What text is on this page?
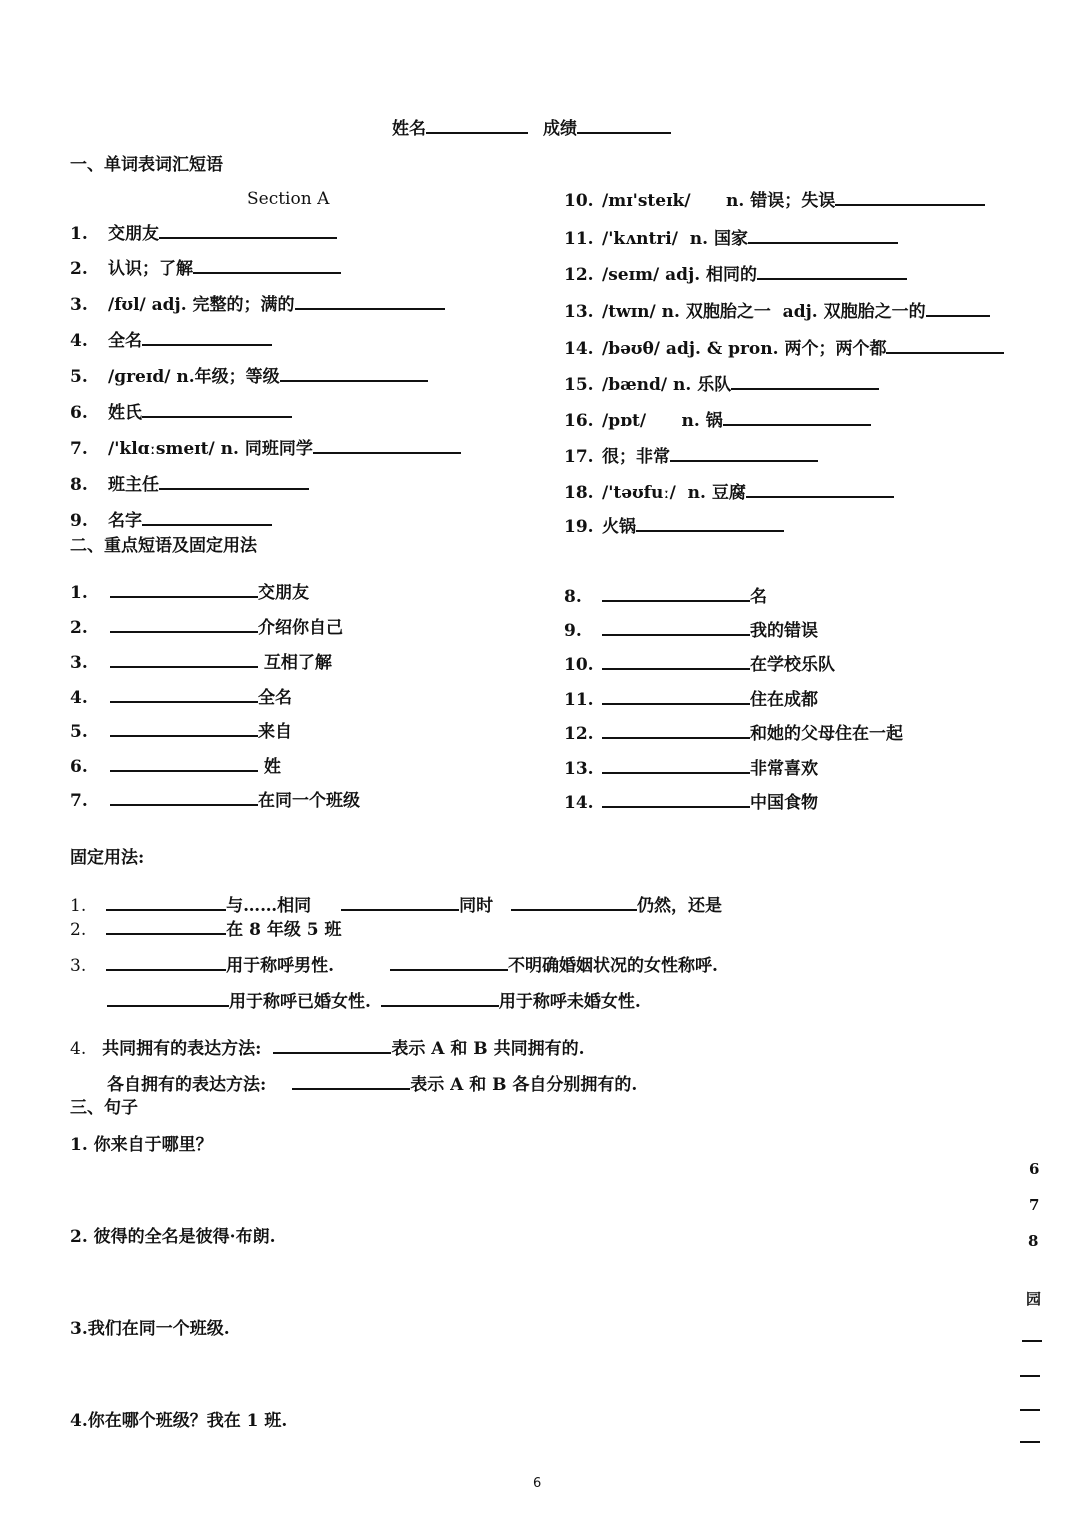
姓名	成绩
一、单词表词汇短语
Section A
1. 交朋友
2. 认识；了解
3. /fʊl/ adj. 完整的；满的
4. 全名
5. /ɡreɪd/ n.年级；等级
6. 姓氏
7. /'klɑːsmeɪt/ n. 同班同学
8. 班主任
9. 名字
10. /mɪ'steɪk/      n. 错误；失误
11. /'kʌntri/  n. 国家
12. /seɪm/ adj. 相同的
13. /twɪn/ n. 双胞胎之一  adj. 双胞胎之一的
14. /bəʊθ/ adj. & pron. 两个；两个都
15. /bænd/ n. 乐队
16. /pɒt/      n. 锅
17. 很；非常
18. /'təʊfuː/  n. 豆腐
19. 火锅
二、重点短语及固定用法
1.	交朋友
2.	介绍你自己
3.	互相了解
4.	全名
5.	来自
6.	姓
7.	在同一个班级
8.	名
9.	我的错误
10.	在学校乐队
11.	住在成都
12.	和她的父母住在一起
13.	非常喜欢
14.	中国食物
固定用法:
1.	与……相同	同时	仍然，还是
2.	在 8 年级 5 班
3.	用于称呼男性.	不明确婚姻状况的女性称呼.
用于称呼已婚女性.	用于称呼未婚女性.
4. 共同拥有的表达方法:	表示 A 和 B 共同拥有的.
各自拥有的表达方法:	表示 A 和 B 各自分别拥有的.
三、句子
1. 你来自于哪里？
2. 彼得的全名是彼得·布朗.
3.我们在同一个班级.
4.你在哪个班级？我在 1 班.
6
7
8
园
6
